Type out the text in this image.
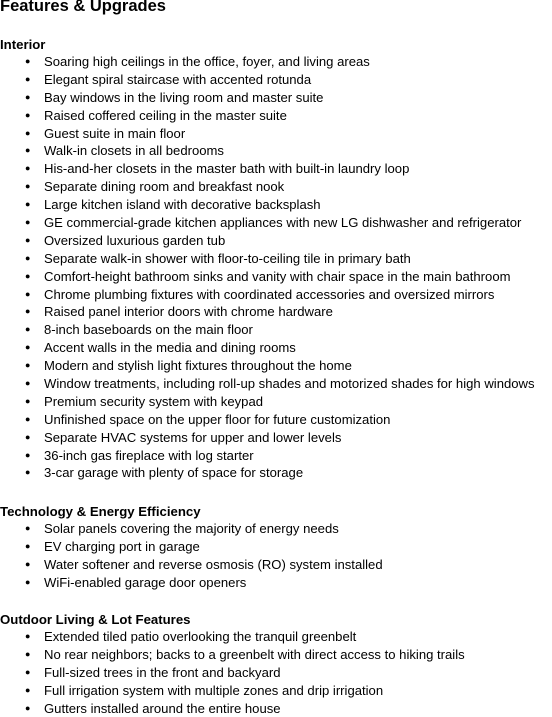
Features & Upgrades
Interior
● Soaring high ceilings in the office, foyer, and living areas
● Elegant spiral staircase with accented rotunda
● Bay windows in the living room and master suite
● Raised coffered ceiling in the master suite
● Guest suite in main floor
● Walk-in closets in all bedrooms
● His-and-her closets in the master bath with built-in laundry loop
● Separate dining room and breakfast nook
● Large kitchen island with decorative backsplash
● GE commercial-grade kitchen appliances with new LG dishwasher and refrigerator
● Oversized luxurious garden tub
● Separate walk-in shower with floor-to-ceiling tile in primary bath
● Comfort-height bathroom sinks and vanity with chair space in the main bathroom
● Chrome plumbing fixtures with coordinated accessories and oversized mirrors
● Raised panel interior doors with chrome hardware
● 8-inch baseboards on the main floor
● Accent walls in the media and dining rooms
● Modern and stylish light fixtures throughout the home
● Window treatments, including roll-up shades and motorized shades for high windows
● Premium security system with keypad
● Unfinished space on the upper floor for future customization
● Separate HVAC systems for upper and lower levels
● 36-inch gas fireplace with log starter
● 3-car garage with plenty of space for storage
Technology & Energy Efficiency
● Solar panels covering the majority of energy needs
● EV charging port in garage
● Water softener and reverse osmosis (RO) system installed
● WiFi-enabled garage door openers
Outdoor Living & Lot Features
● Extended tiled patio overlooking the tranquil greenbelt
● No rear neighbors; backs to a greenbelt with direct access to hiking trails
● Full-sized trees in the front and backyard
● Full irrigation system with multiple zones and drip irrigation
● Gutters installed around the entire house
